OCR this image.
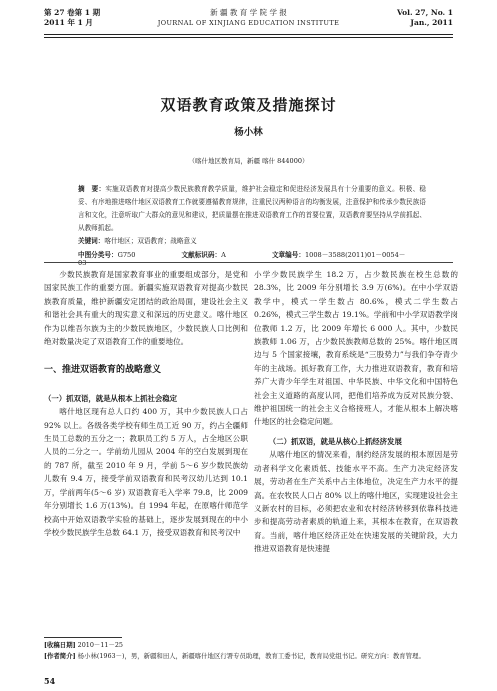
第 27 卷第 1 期
2011 年 1 月
新 疆 教 育 学 院 学 报
JOURNAL OF XINJIANG EDUCATION INSTITUTE
Vol. 27, No. 1
Jan., 2011
双语教育政策及措施探讨
杨小林
（喀什地区教育局，新疆 喀什 844000）
摘　要：实施双语教育对提高少数民族教育教学质量，维护社会稳定和促进经济发展具有十分重要的意义。积极、稳妥、有序地推进喀什地区双语教育工作就要遵循教育规律，注重民汉两种语言的均衡发展，注意保护和传承少数民族语言和文化，注意听取广大群众的意见和建议，把质量摆在推进双语教育工作的首要位置，双语教育要坚持从学前抓起、从教师抓起。
关键词：喀什地区；双语教育；战略意义
中图分类号：G750	文献标识码：A	文章编号：1008－3588(2011)01－0054－03

少数民族教育是国家教育事业的重要组成部分，是党和国家民族工作的重要方面。新疆实施双语教育对提高少数民族教育质量，维护新疆安定团结的政治局面，建设社会主义和谐社会具有重大的现实意义和深远的历史意义。喀什地区作为以维吾尔族为主的少数民族地区，少数民族人口比例和绝对数量决定了双语教育工作的重要地位。

一、推进双语教育的战略意义
（一）抓双语，就是从根本上抓社会稳定

喀什地区现有总人口约 400 万，其中少数民族人口占 92% 以上。各级各类学校有师生员工近 90 万，约占全疆师生员工总数的五分之一；教职员工约 5 万人，占全地区公职人员的二分之一。学前幼儿园从 2004 年的空白发展到现在的 787 所，截至 2010 年 9 月，学前 5～6 岁少数民族幼儿数有 9.4 万，接受学前双语教育和民考汉幼儿达到 10.1 万，学前两年(5～6 岁) 双语教育毛入学率 79.8，比 2009 年分别增长 1.6 万(13%)。自 1994 年起，在原喀什师范学校高中开始双语教学实验的基础上，逐步发展到现在的中小学校少数民族学生总数 64.1 万，接受双语教育和民考汉中

小学少数民族学生 18.2 万，占少数民族在校生总数的 28.3%，比 2009 年分别增长 3.9 万(6%)。在中小学双语教学中，模式一学生数占 80.6%，模式二学生数占 0.26%，模式三学生数占 19.1%。学前和中小学双语教学岗位教师 1.2 万，比 2009 年增长 6 000 人。其中，少数民族教师 1.06 万，占少数民族教师总数的 25%。喀什地区周边与 5 个国家接壤，教育系统是“三股势力”与我们争夺青少年的主战场。抓好教育工作，大力推进双语教育，教育和培养广大青少年学生对祖国、中华民族、中华文化和中国特色社会主义道路的高度认同，把他们培养成为反对民族分裂、维护祖国统一的社会主义合格接班人，才能从根本上解决喀什地区的社会稳定问题。

（二）抓双语，就是从核心上抓经济发展

从喀什地区的情况来看，制约经济发展的根本原因是劳动者科学文化素质低、技能水平不高。生产力决定经济发展，劳动者在生产关系中占主体地位，决定生产力水平的提高。在农牧民人口占 80% 以上的喀什地区，实现建设社会主义新农村的目标，必须把农业和农村经济转移到依靠科技进步和提高劳动者素质的轨道上来，其根本在教育，在双语教育。当前，喀什地区经济正处在快速发展的关键阶段，大力推进双语教育是快速提

[收稿日期] 2010－11－25
[作者简介] 杨小林(1963－)，男，新疆和田人，新疆喀什地区行署专员助理，教育工委书记，教育局党组书记。研究方向：教育管理。
54
